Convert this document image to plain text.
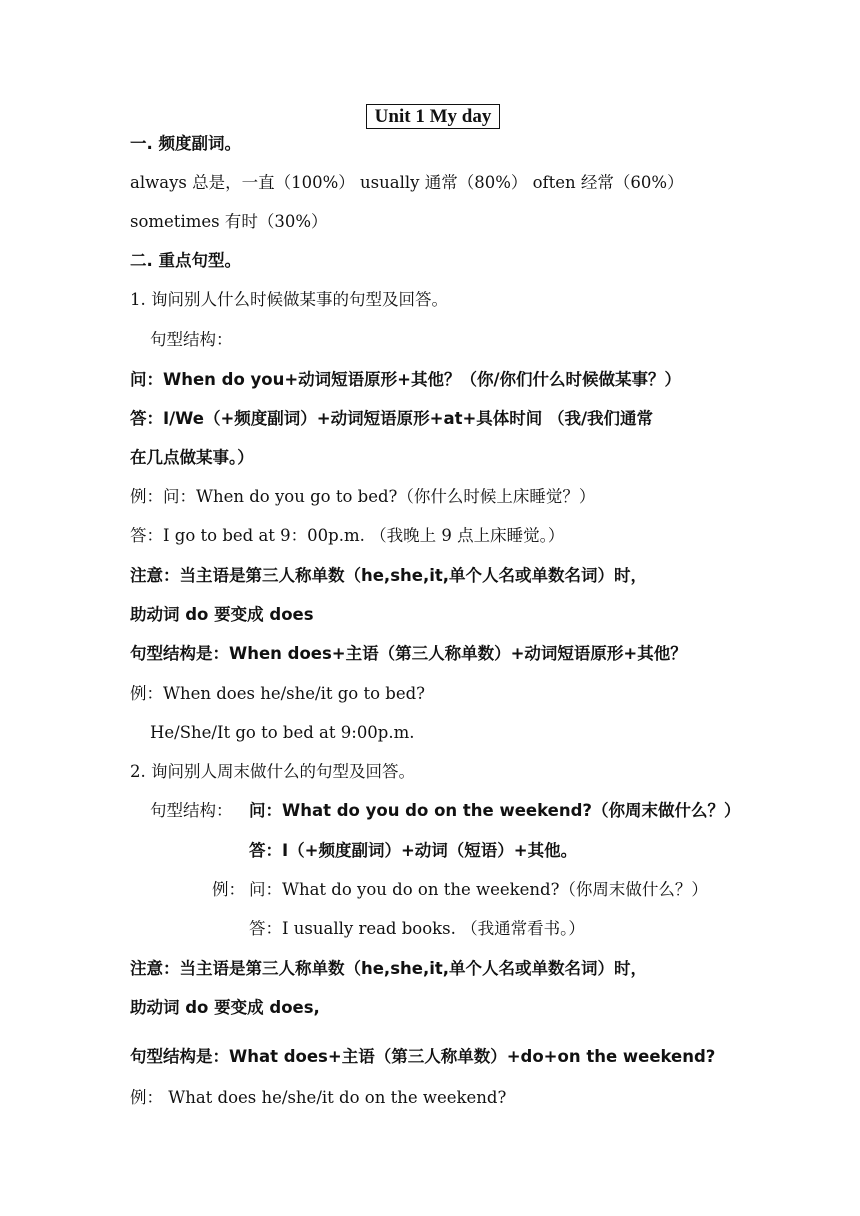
Unit 1 My day
一. 频度副词。
always 总是，一直（100%） usually 通常（80%） often 经常（60%）
sometimes 有时（30%）
二. 重点句型。
1. 询问别人什么时候做某事的句型及回答。
句型结构：
问：When do you+动词短语原形+其他？（你/你们什么时候做某事？）
答：I/We（+频度副词）+动词短语原形+at+具体时间 （我/我们通常
在几点做某事。）
例：问：When do you go to bed?（你什么时候上床睡觉？）
答：I go to bed at 9：00p.m. （我晚上 9 点上床睡觉。）
注意：当主语是第三人称单数（he,she,it,单个人名或单数名词）时，
助动词 do 要变成 does
句型结构是：When does+主语（第三人称单数）+动词短语原形+其他？
例：When does he/she/it go to bed?
He/She/It go to bed at 9:00p.m.
2. 询问别人周末做什么的句型及回答。
句型结构： 问：What do you do on the weekend?（你周末做什么？）
答：I（+频度副词）+动词（短语）+其他。
例： 问：What do you do on the weekend?（你周末做什么？）
答：I usually read books. （我通常看书。）
注意：当主语是第三人称单数（he,she,it,单个人名或单数名词）时，
助动词 do 要变成 does,
句型结构是：What does+主语（第三人称单数）+do+on the weekend?
例： What does he/she/it do on the weekend?
